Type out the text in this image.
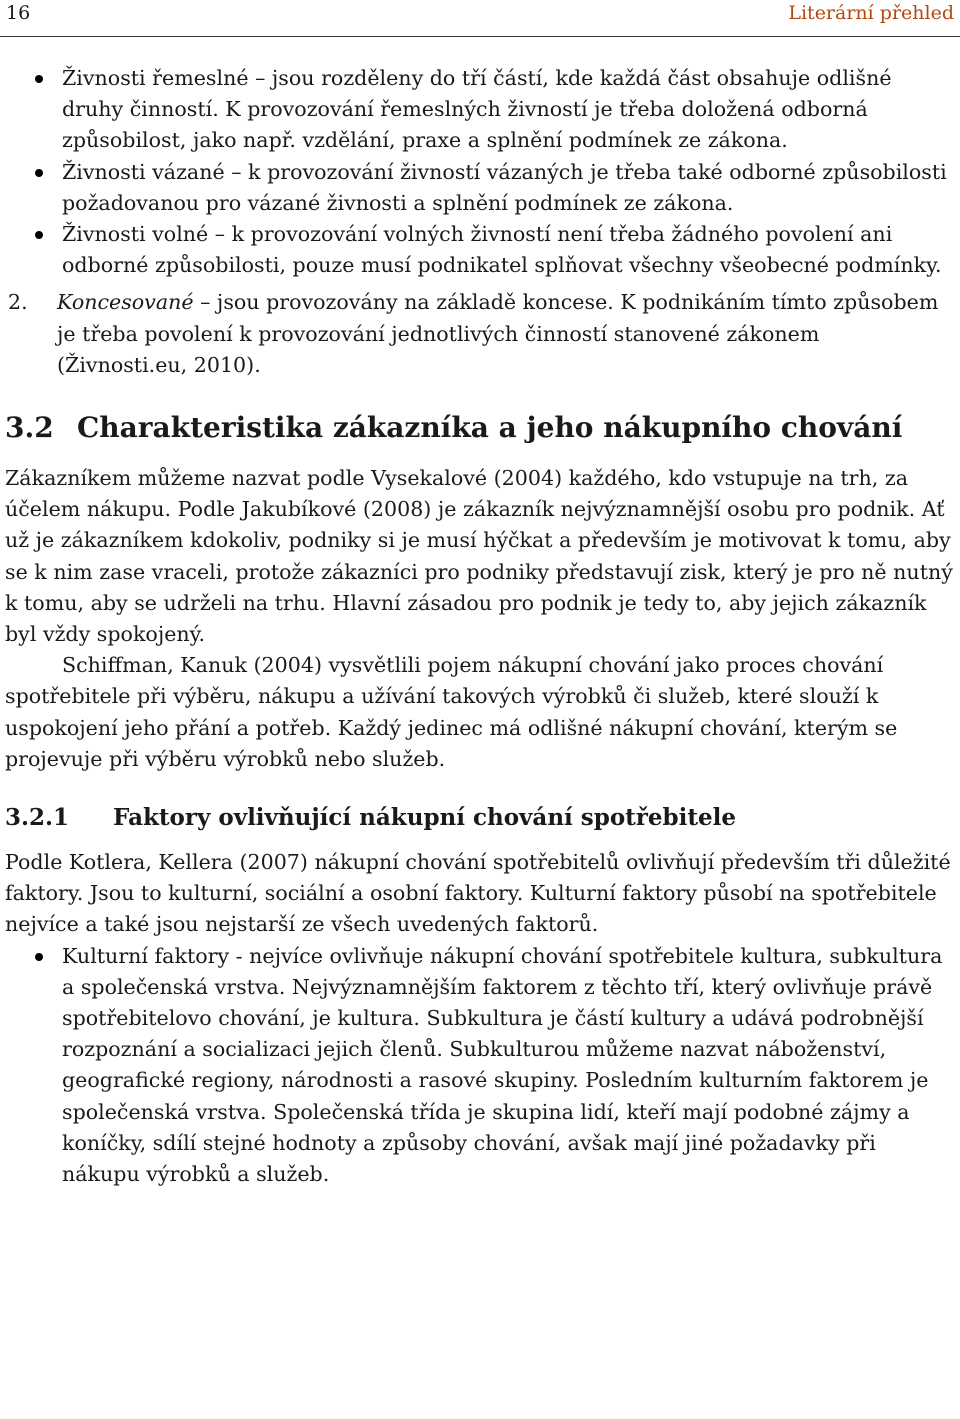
16	Literární přehled
Živnosti řemeslné – jsou rozděleny do tří částí, kde každá část obsahuje odlišné druhy činností. K provozování řemeslných živností je třeba doložená odborná způsobilost, jako např. vzdělání, praxe a splnění podmínek ze zákona.
Živnosti vázané – k provozování živností vázaných je třeba také odborné způsobilosti požadovanou pro vázané živnosti a splnění podmínek ze zákona.
Živnosti volné – k provozování volných živností není třeba žádného povolení ani odborné způsobilosti, pouze musí podnikatel splňovat všechny všeobecné podmínky.

2. Koncesované – jsou provozovány na základě koncese. K podnikáním tímto způsobem je třeba povolení k provozování jednotlivých činností stanovené zákonem (Živnosti.eu, 2010).

3.2 Charakteristika zákazníka a jeho nákupního chování

Zákazníkem můžeme nazvat podle Vysekalové (2004) každého, kdo vstupuje na trh, za účelem nákupu. Podle Jakubíkové (2008) je zákazník nejvýznamnější osobu pro podnik. Ať už je zákazníkem kdokoliv, podniky si je musí hýčkat a především je motivovat k tomu, aby se k nim zase vraceli, protože zákazníci pro podniky představují zisk, který je pro ně nutný k tomu, aby se udrželi na trhu. Hlavní zásadou pro podnik je tedy to, aby jejich zákazník byl vždy spokojený.

Schiffman, Kanuk (2004) vysvětlili pojem nákupní chování jako proces chování spotřebitele při výběru, nákupu a užívání takových výrobků či služeb, které slouží k uspokojení jeho přání a potřeb. Každý jedinec má odlišné nákupní chování, kterým se projevuje při výběru výrobků nebo služeb.

3.2.1 Faktory ovlivňující nákupní chování spotřebitele

Podle Kotlera, Kellera (2007) nákupní chování spotřebitelů ovlivňují především tři důležité faktory. Jsou to kulturní, sociální a osobní faktory. Kulturní faktory působí na spotřebitele nejvíce a také jsou nejstarší ze všech uvedených faktorů.

Kulturní faktory - nejvíce ovlivňuje nákupní chování spotřebitele kultura, subkultura a společenská vrstva. Nejvýznamnějším faktorem z těchto tří, který ovlivňuje právě spotřebitelovo chování, je kultura. Subkultura je částí kultury a udává podrobnější rozpoznání a socializaci jejich členů. Subkulturou můžeme nazvat náboženství, geografické regiony, národnosti a rasové skupiny. Posledním kulturním faktorem je společenská vrstva. Společenská třída je skupina lidí, kteří mají podobné zájmy a koníčky, sdílí stejné hodnoty a způsoby chování, avšak mají jiné požadavky při nákupu výrobků a služeb.
